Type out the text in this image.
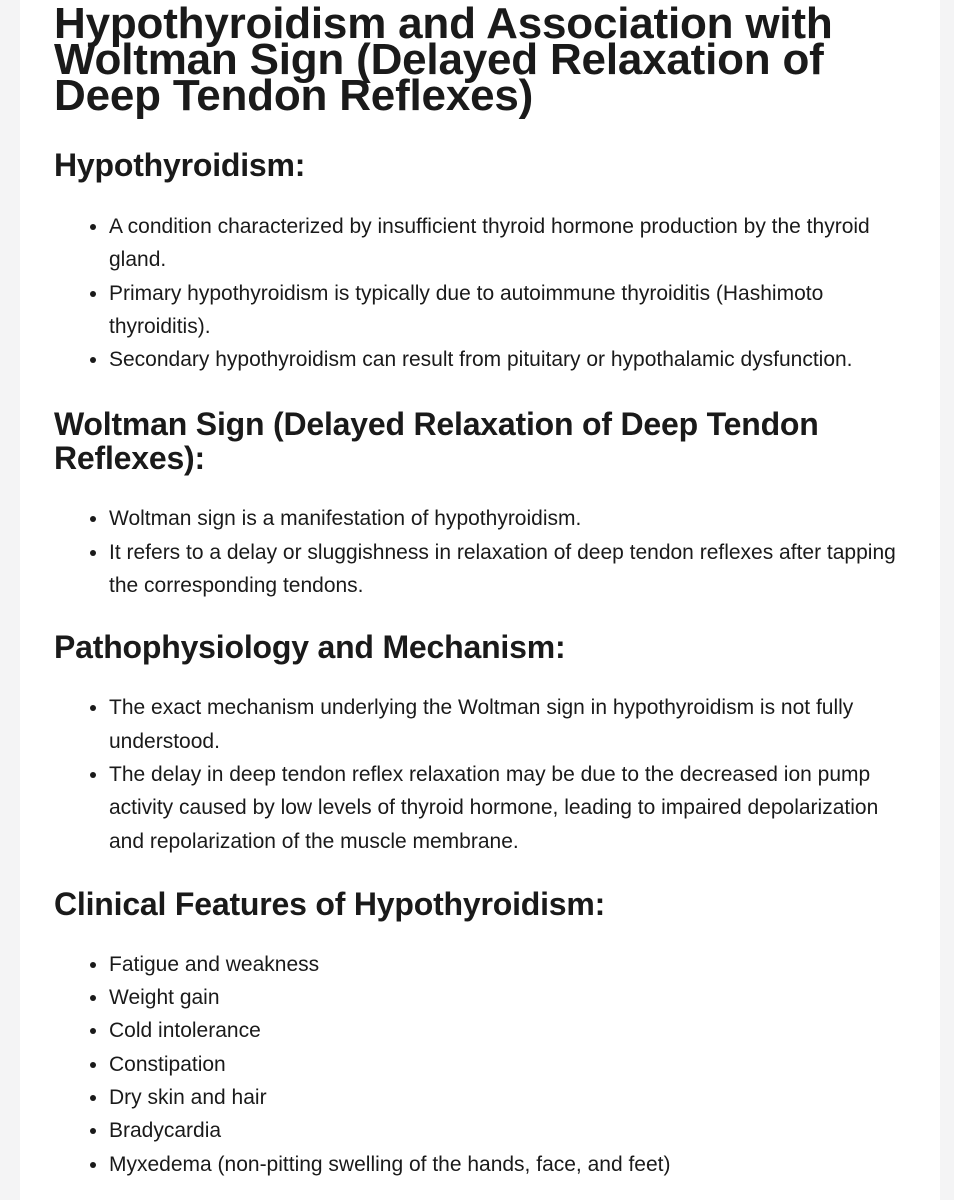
Hypothyroidism and Association with Woltman Sign (Delayed Relaxation of Deep Tendon Reflexes)
Hypothyroidism:
A condition characterized by insufficient thyroid hormone production by the thyroid gland.
Primary hypothyroidism is typically due to autoimmune thyroiditis (Hashimoto thyroiditis).
Secondary hypothyroidism can result from pituitary or hypothalamic dysfunction.
Woltman Sign (Delayed Relaxation of Deep Tendon Reflexes):
Woltman sign is a manifestation of hypothyroidism.
It refers to a delay or sluggishness in relaxation of deep tendon reflexes after tapping the corresponding tendons.
Pathophysiology and Mechanism:
The exact mechanism underlying the Woltman sign in hypothyroidism is not fully understood.
The delay in deep tendon reflex relaxation may be due to the decreased ion pump activity caused by low levels of thyroid hormone, leading to impaired depolarization and repolarization of the muscle membrane.
Clinical Features of Hypothyroidism:
Fatigue and weakness
Weight gain
Cold intolerance
Constipation
Dry skin and hair
Bradycardia
Myxedema (non-pitting swelling of the hands, face, and feet)
